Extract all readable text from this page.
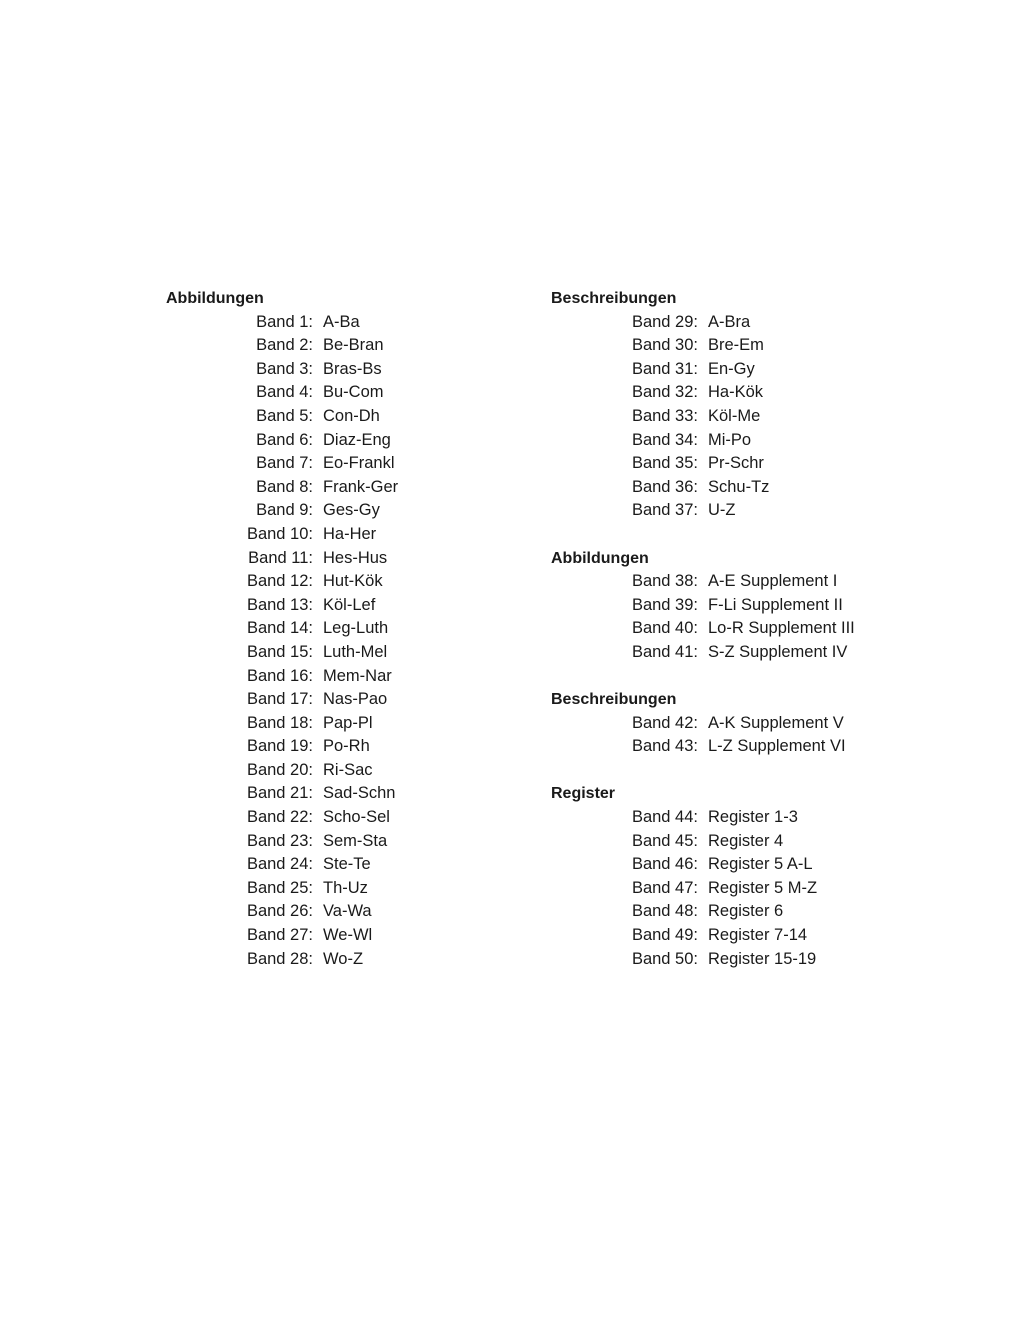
Abbildungen
Band 1: A-Ba
Band 2: Be-Bran
Band 3: Bras-Bs
Band 4: Bu-Com
Band 5: Con-Dh
Band 6: Diaz-Eng
Band 7: Eo-Frankl
Band 8: Frank-Ger
Band 9: Ges-Gy
Band 10: Ha-Her
Band 11: Hes-Hus
Band 12: Hut-Kök
Band 13: Köl-Lef
Band 14: Leg-Luth
Band 15: Luth-Mel
Band 16: Mem-Nar
Band 17: Nas-Pao
Band 18: Pap-Pl
Band 19: Po-Rh
Band 20: Ri-Sac
Band 21: Sad-Schn
Band 22: Scho-Sel
Band 23: Sem-Sta
Band 24: Ste-Te
Band 25: Th-Uz
Band 26: Va-Wa
Band 27: We-Wl
Band 28: Wo-Z
Beschreibungen
Band 29: A-Bra
Band 30: Bre-Em
Band 31: En-Gy
Band 32: Ha-Kök
Band 33: Köl-Me
Band 34: Mi-Po
Band 35: Pr-Schr
Band 36: Schu-Tz
Band 37: U-Z
Abbildungen
Band 38: A-E Supplement I
Band 39: F-Li Supplement II
Band 40: Lo-R Supplement III
Band 41: S-Z Supplement IV
Beschreibungen
Band 42: A-K Supplement V
Band 43: L-Z Supplement VI
Register
Band 44: Register 1-3
Band 45: Register 4
Band 46: Register 5 A-L
Band 47: Register 5 M-Z
Band 48: Register 6
Band 49: Register 7-14
Band 50: Register 15-19
